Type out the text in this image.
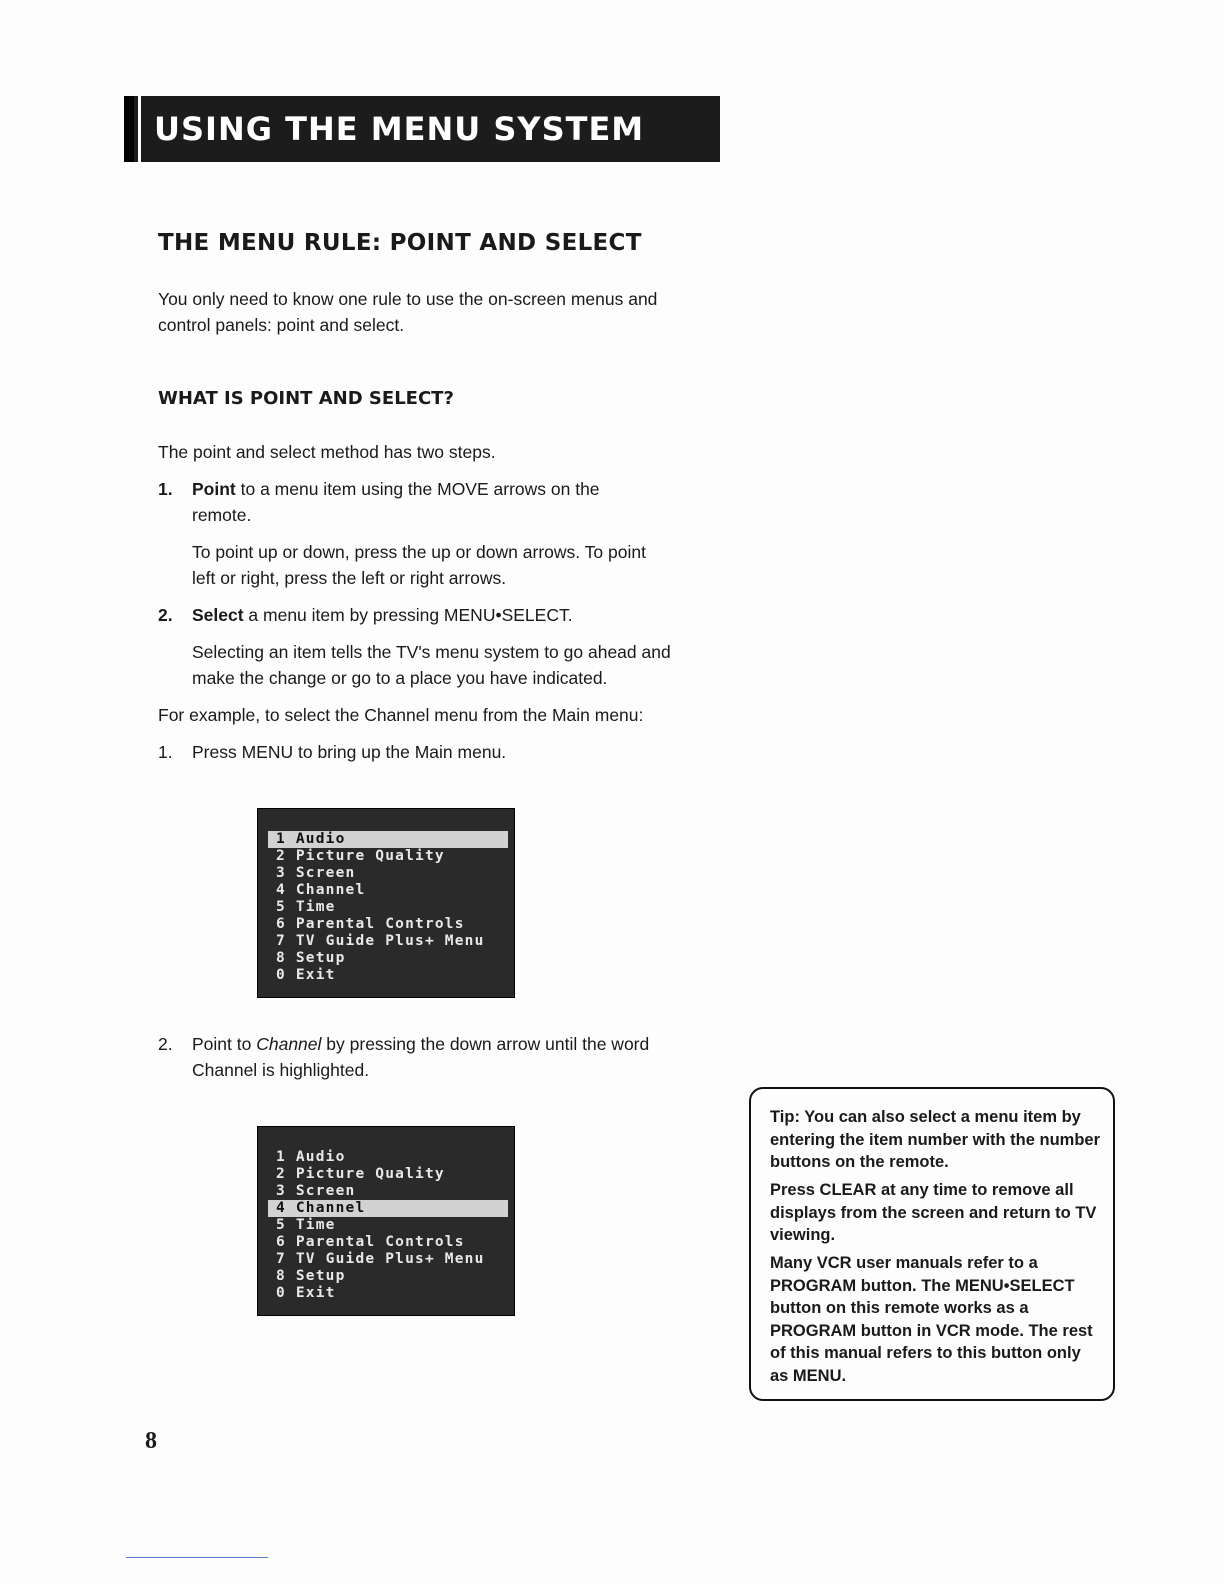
USING THE MENU SYSTEM
THE MENU RULE: POINT AND SELECT

You only need to know one rule to use the on-screen menus and

control panels: point and select.

WHAT IS POINT AND SELECT?

The point and select method has two steps.

1. Point to a menu item using the MOVE arrows on the

remote.

To point up or down, press the up or down arrows. To point

left or right, press the left or right arrows.

2. Select a menu item by pressing MENU•SELECT.

Selecting an item tells the TV's menu system to go ahead and

make the change or go to a place you have indicated.

For example, to select the Channel menu from the Main menu:

1. Press MENU to bring up the Main menu.

1 Audio
2 Picture Quality
3 Screen
4 Channel
5 Time
6 Parental Controls
7 TV Guide Plus+ Menu
8 Setup
0 Exit
2. Point to Channel by pressing the down arrow until the word

Channel is highlighted.

1 Audio
2 Picture Quality
3 Screen
4 Channel
5 Time
6 Parental Controls
7 TV Guide Plus+ Menu
8 Setup
0 Exit

Tip: You can also select a menu item by entering the item number with the number buttons on the remote.

Press CLEAR at any time to remove all displays from the screen and return to TV viewing.

Many VCR user manuals refer to a PROGRAM button. The MENU•SELECT button on this remote works as a PROGRAM button in VCR mode. The rest of this manual refers to this button only as MENU.

8
